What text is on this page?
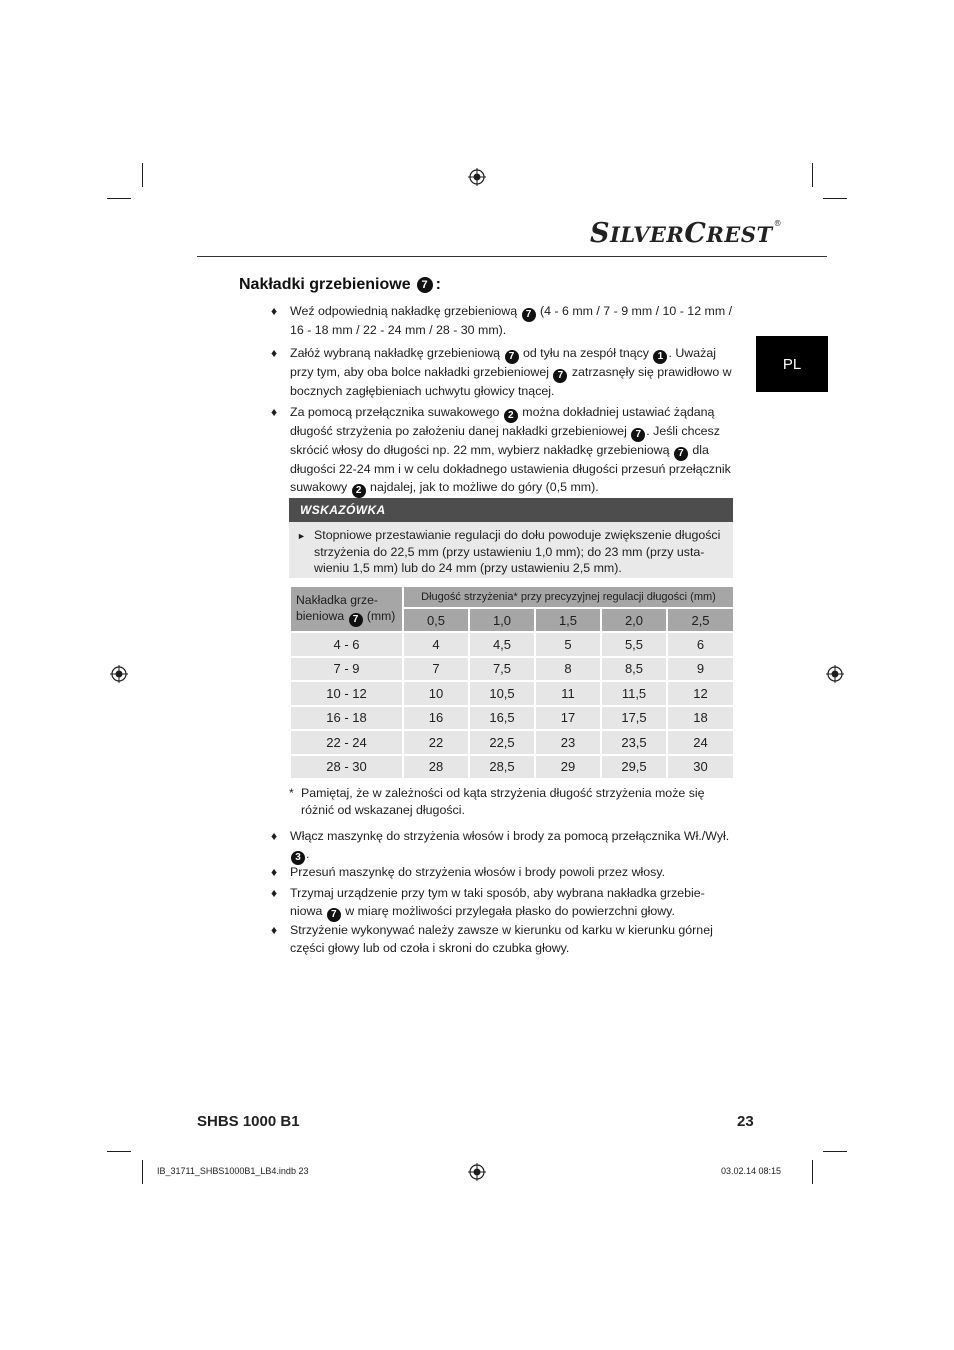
SILVERCREST®
PL
Nakładki grzebieniowe 7 :
♦ Weź odpowiednią nakładkę grzebieniową 7 (4 - 6 mm / 7 - 9 mm / 10 - 12 mm / 16 - 18 mm / 22 - 24 mm / 28 - 30 mm).
♦ Załóż wybraną nakładkę grzebieniową 7 od tyłu na zespół tnący 1 . Uważaj przy tym, aby oba bolce nakładki grzebieniowej 7 zatrzasnęły się prawidłowo w bocznych zagłębieniach uchwytu głowicy tnącej.
♦ Za pomocą przełącznika suwakowego 2 można dokładniej ustawiać żądaną długość strzyżenia po założeniu danej nakładki grzebieniowej 7 . Jeśli chcesz skrócić włosy do długości np. 22 mm, wybierz nakładkę grzebieniową 7 dla długości 22-24 mm i w celu dokładnego ustawienia długości przesuń przełącznik suwakowy 2 najdalej, jak to możliwe do góry (0,5 mm).
WSKAZÓWKA
► Stopniowe przestawianie regulacji do dołu powoduje zwiększenie długości strzyżenia do 22,5 mm (przy ustawieniu 1,0 mm); do 23 mm (przy usta-wieniu 1,5 mm) lub do 24 mm (przy ustawieniu 2,5 mm).
Nakładka grze-
bieniowa 7 (mm)	Długość strzyżenia* przy precyzyjnej regulacji długości (mm)				
	0,5	1,0	1,5	2,0	2,5
4 - 6	4	4,5	5	5,5	6
7 - 9	7	7,5	8	8,5	9
10 - 12	10	10,5	11	11,5	12
16 - 18	16	16,5	17	17,5	18
22 - 24	22	22,5	23	23,5	24
28 - 30	28	28,5	29	29,5	30
* Pamiętaj, że w zależności od kąta strzyżenia długość strzyżenia może się różnić od wskazanej długości.
♦ Włącz maszynkę do strzyżenia włosów i brody za pomocą przełącznika Wł./Wył. 3 .
♦ Przesuń maszynkę do strzyżenia włosów i brody powoli przez włosy.
♦ Trzymaj urządzenie przy tym w taki sposób, aby wybrana nakładka grzebie-niowa 7 w miarę możliwości przylegała płasko do powierzchni głowy.
♦ Strzyżenie wykonywać należy zawsze w kierunku od karku w kierunku górnej części głowy lub od czoła i skroni do czubka głowy.
SHBS 1000 B1	23
IB_31711_SHBS1000B1_LB4.indb 23	03.02.14 08:15
